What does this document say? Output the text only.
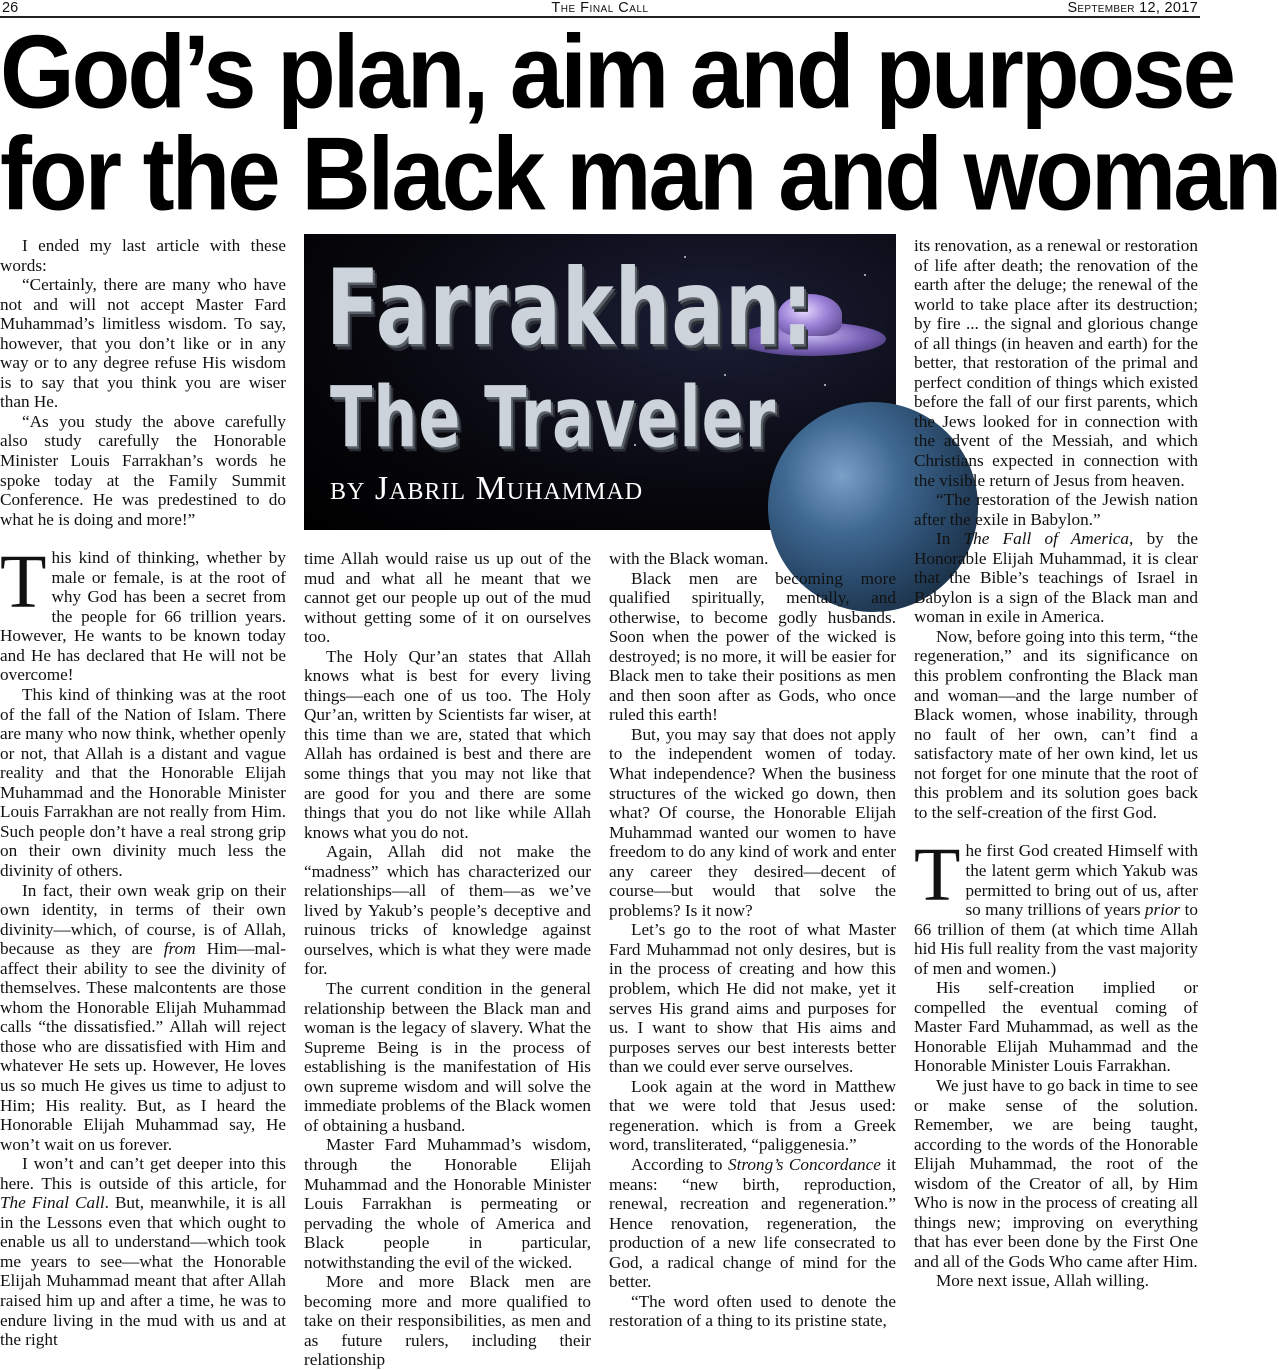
26	The Final Call	September 12, 2017
God’s plan, aim and purpose
for the Black man and woman
Farrakhan:
The Traveler
by Jabril Muhammad

I ended my last article with these words:

“Certainly, there are many who have not and will not accept Master Fard Muhammad’s limitless wisdom. To say, however, that you don’t like or in any way or to any degree refuse His wisdom is to say that you think you are wiser than He.

“As you study the above carefully also study carefully the Honorable Minister Louis Farrakhan’s words he spoke today at the Family Summit Conference. He was predestined to do what he is doing and more!”

This kind of thinking, whether by male or female, is at the root of why God has been a secret from the people for 66 trillion years. However, He wants to be known today and He has declared that He will not be overcome!

This kind of thinking was at the root of the fall of the Nation of Islam. There are many who now think, whether openly or not, that Allah is a distant and vague reality and that the Honorable Elijah Muhammad and the Honorable Minister Louis Farrakhan are not really from Him. Such people don’t have a real strong grip on their own divinity much less the divinity of others.

In fact, their own weak grip on their own identity, in terms of their own divinity—which, of course, is of Allah, because as they are from Him—mal-affect their ability to see the divinity of themselves. These malcontents are those whom the Honorable Elijah Muhammad calls “the dissatisfied.” Allah will reject those who are dissatisfied with Him and whatever He sets up. However, He loves us so much He gives us time to adjust to Him; His reality. But, as I heard the Honorable Elijah Muhammad say, He won’t wait on us forever.

I won’t and can’t get deeper into this here. This is outside of this article, for The Final Call. But, meanwhile, it is all in the Lessons even that which ought to enable us all to understand—which took me years to see—what the Honorable Elijah Muhammad meant that after Allah raised him up and after a time, he was to endure living in the mud with us and at the right

time Allah would raise us up out of the mud and what all he meant that we cannot get our people up out of the mud without getting some of it on ourselves too.

The Holy Qur’an states that Allah knows what is best for every living things—each one of us too. The Holy Qur’an, written by Scientists far wiser, at this time than we are, stated that which Allah has ordained is best and there are some things that you may not like that are good for you and there are some things that you do not like while Allah knows what you do not.

Again, Allah did not make the “madness” which has characterized our relationships—all of them—as we’ve lived by Yakub’s people’s deceptive and ruinous tricks of knowledge against ourselves, which is what they were made for.

The current condition in the general relationship between the Black man and woman is the legacy of slavery. What the Supreme Being is in the process of establishing is the manifestation of His own supreme wisdom and will solve the immediate problems of the Black women of obtaining a husband.

Master Fard Muhammad’s wisdom, through the Honorable Elijah Muhammad and the Honorable Minister Louis Farrakhan is permeating or pervading the whole of America and Black people in particular, notwithstanding the evil of the wicked.

More and more Black men are becoming more and more qualified to take on their responsibilities, as men and as future rulers, including their relationship

with the Black woman.

Black men are becoming more qualified spiritually, mentally, and otherwise, to become godly husbands. Soon when the power of the wicked is destroyed; is no more, it will be easier for Black men to take their positions as men and then soon after as Gods, who once ruled this earth!

But, you may say that does not apply to the independent women of today. What independence? When the business structures of the wicked go down, then what? Of course, the Honorable Elijah Muhammad wanted our women to have freedom to do any kind of work and enter any career they desired—decent of course—but would that solve the problems? Is it now?

Let’s go to the root of what Master Fard Muhammad not only desires, but is in the process of creating and how this problem, which He did not make, yet it serves His grand aims and purposes for us. I want to show that His aims and purposes serves our best interests better than we could ever serve ourselves.

Look again at the word in Matthew that we were told that Jesus used: regeneration. which is from a Greek word, transliterated, “paliggenesia.”

According to Strong’s Concordance it means: “new birth, reproduction, renewal, recreation and regeneration.” Hence renovation, regeneration, the production of a new life consecrated to God, a radical change of mind for the better.

“The word often used to denote the restoration of a thing to its pristine state,

its renovation, as a renewal or restoration of life after death; the renovation of the earth after the deluge; the renewal of the world to take place after its destruction; by fire ... the signal and glorious change of all things (in heaven and earth) for the better, that restoration of the primal and perfect condition of things which existed before the fall of our first parents, which the Jews looked for in connection with the advent of the Messiah, and which Christians expected in connection with the visible return of Jesus from heaven.

“The restoration of the Jewish nation after the exile in Babylon.”

In The Fall of America, by the Honorable Elijah Muhammad, it is clear that the Bible’s teachings of Israel in Babylon is a sign of the Black man and woman in exile in America.

Now, before going into this term, “the regeneration,” and its significance on this problem confronting the Black man and woman—and the large number of Black women, whose inability, through no fault of her own, can’t find a satisfactory mate of her own kind, let us not forget for one minute that the root of this problem and its solution goes back to the self-creation of the first God.

The first God created Himself with the latent germ which Yakub was permitted to bring out of us, after so many trillions of years prior to 66 trillion of them (at which time Allah hid His full reality from the vast majority of men and women.)

His self-creation implied or compelled the eventual coming of Master Fard Muhammad, as well as the Honorable Elijah Muhammad and the Honorable Minister Louis Farrakhan.

We just have to go back in time to see or make sense of the solution. Remember, we are being taught, according to the words of the Honorable Elijah Muhammad, the root of the wisdom of the Creator of all, by Him Who is now in the process of creating all things new; improving on everything that has ever been done by the First One and all of the Gods Who came after Him.

More next issue, Allah willing.
